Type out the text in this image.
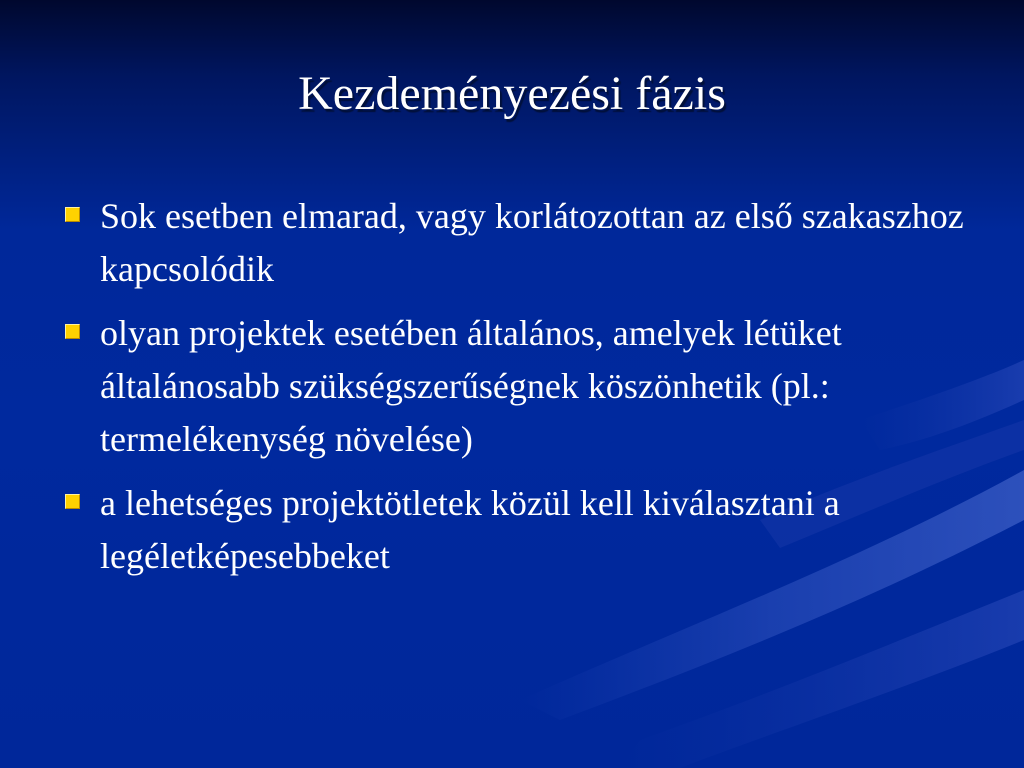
Kezdeményezési fázis
Sok esetben elmarad, vagy korlátozottan az első szakaszhoz kapcsolódik
olyan projektek esetében általános, amelyek létüket általánosabb szükségszerűségnek köszönhetik (pl.: termelékenység növelése)
a lehetséges projektötletek közül kell kiválasztani a legéletképesebbeket
